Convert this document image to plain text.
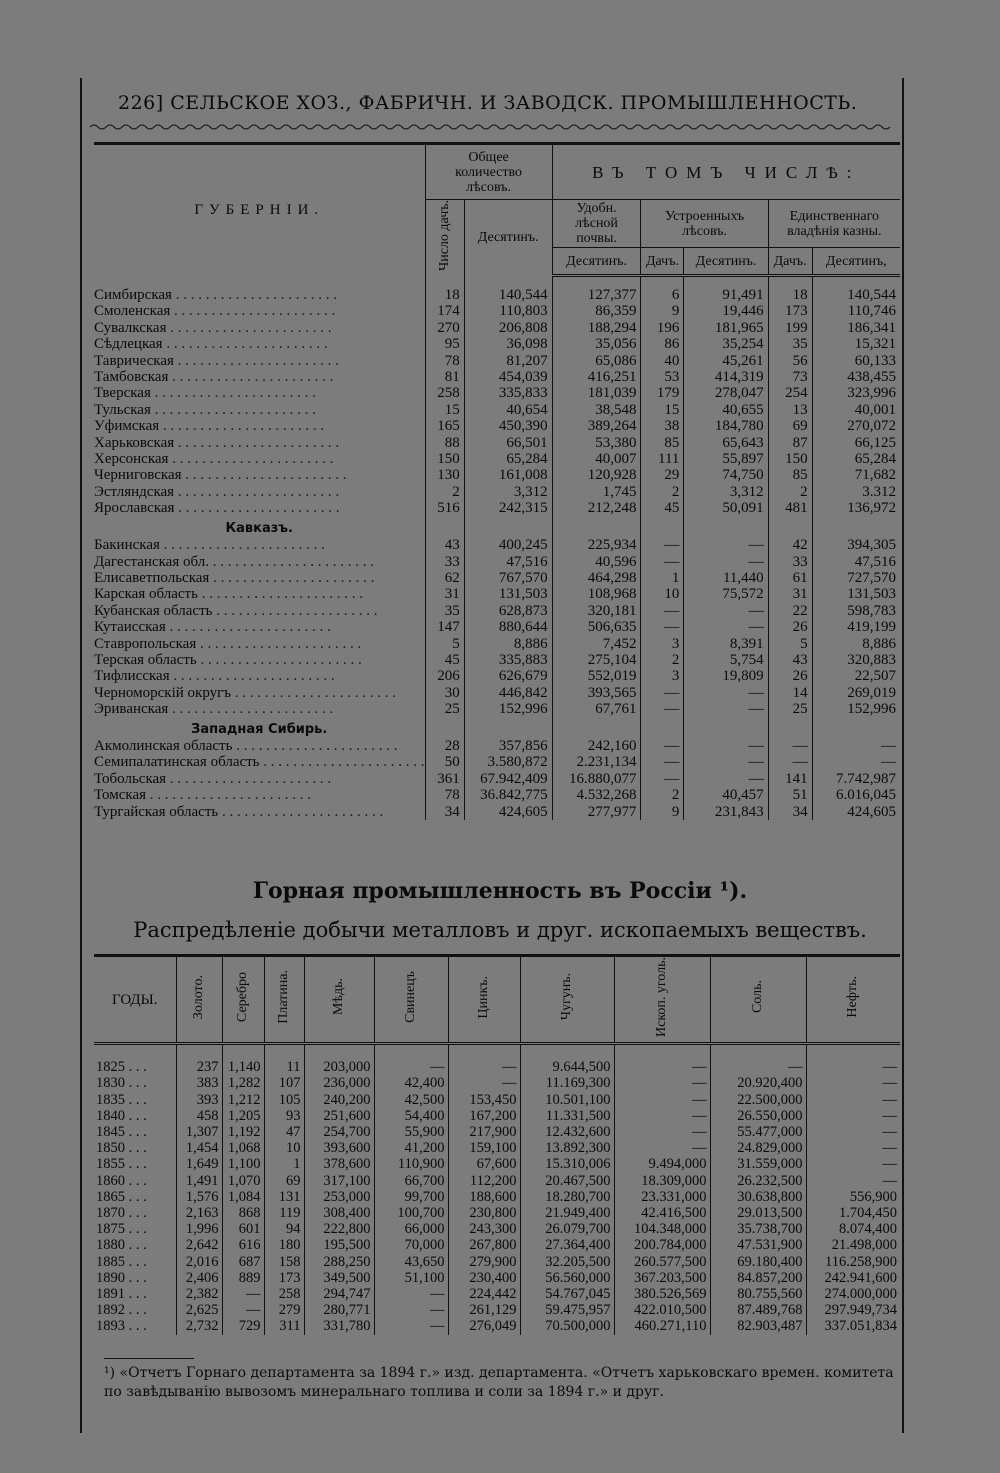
226] СЕЛЬСКОЕ ХОЗ., ФАБРИЧН. И ЗАВОДСК. ПРОМЫШЛЕННОСТЬ.
ГУБЕРНIИ.	Общее количество лѣсовъ.		ВЪ ТОМЪ ЧИСЛѢ:				
	Число дачъ.	Десятинъ.	Удобн. лѣсной почвы.	Устроенныхъ лѣсовъ.		Единственнаго владѣнія казны.	
			Десятинъ.	Дачъ.	Десятинъ.	Дачъ.	Десятинъ,

Симбирская . . . . . . . . . . . . . . . . . . . . . .	18	140,544	127,377	6	91,491	18	140,544
Смоленская . . . . . . . . . . . . . . . . . . . . . .	174	110,803	86,359	9	19,446	173	110,746
Сувалкская . . . . . . . . . . . . . . . . . . . . . .	270	206,808	188,294	196	181,965	199	186,341
Сѣдлецкая . . . . . . . . . . . . . . . . . . . . . .	95	36,098	35,056	86	35,254	35	15,321
Таврическая . . . . . . . . . . . . . . . . . . . . . .	78	81,207	65,086	40	45,261	56	60,133
Тамбовская . . . . . . . . . . . . . . . . . . . . . .	81	454,039	416,251	53	414,319	73	438,455
Тверская . . . . . . . . . . . . . . . . . . . . . .	258	335,833	181,039	179	278,047	254	323,996
Тульская . . . . . . . . . . . . . . . . . . . . . .	15	40,654	38,548	15	40,655	13	40,001
Уфимская . . . . . . . . . . . . . . . . . . . . . .	165	450,390	389,264	38	184,780	69	270,072
Харьковская . . . . . . . . . . . . . . . . . . . . . .	88	66,501	53,380	85	65,643	87	66,125
Херсонская . . . . . . . . . . . . . . . . . . . . . .	150	65,284	40,007	111	55,897	150	65,284
Черниговская . . . . . . . . . . . . . . . . . . . . . .	130	161,008	120,928	29	74,750	85	71,682
Эстляндская . . . . . . . . . . . . . . . . . . . . . .	2	3,312	1,745	2	3,312	2	3.312
Ярославская . . . . . . . . . . . . . . . . . . . . . .	516	242,315	212,248	45	50,091	481	136,972
Кавказъ.							
Бакинская . . . . . . . . . . . . . . . . . . . . . .	43	400,245	225,934	—	—	42	394,305
Дагестанская обл. . . . . . . . . . . . . . . . . . . . . . .	33	47,516	40,596	—	—	33	47,516
Елисаветпольская . . . . . . . . . . . . . . . . . . . . . .	62	767,570	464,298	1	11,440	61	727,570
Карская область . . . . . . . . . . . . . . . . . . . . . .	31	131,503	108,968	10	75,572	31	131,503
Кубанская область . . . . . . . . . . . . . . . . . . . . . .	35	628,873	320,181	—	—	22	598,783
Кутаисская . . . . . . . . . . . . . . . . . . . . . .	147	880,644	506,635	—	—	26	419,199
Ставропольская . . . . . . . . . . . . . . . . . . . . . .	5	8,886	7,452	3	8,391	5	8,886
Терская область . . . . . . . . . . . . . . . . . . . . . .	45	335,883	275,104	2	5,754	43	320,883
Тифлисская . . . . . . . . . . . . . . . . . . . . . .	206	626,679	552,019	3	19,809	26	22,507
Черноморскiй округъ . . . . . . . . . . . . . . . . . . . . . .	30	446,842	393,565	—	—	14	269,019
Эриванская . . . . . . . . . . . . . . . . . . . . . .	25	152,996	67,761	—	—	25	152,996
Западная Сибирь.							
Акмолинская область . . . . . . . . . . . . . . . . . . . . . .	28	357,856	242,160	—	—	—	—
Семипалатинская область . . . . . . . . . . . . . . . . . . . . . .	50	3.580,872	2.231,134	—	—	—	—
Тобольская . . . . . . . . . . . . . . . . . . . . . .	361	67.942,409	16.880,077	—	—	141	7.742,987
Томская . . . . . . . . . . . . . . . . . . . . . .	78	36.842,775	4.532,268	2	40,457	51	6.016,045
Тургайская область . . . . . . . . . . . . . . . . . . . . . .	34	424,605	277,977	9	231,843	34	424,605
Горная промышленность въ Россiи ¹).
Распредѣленiе добычи металловъ и друг. ископаемыхъ веществъ.
ГОДЫ.	Золото.	Серебро	Платина.	Мѣдь.	Свинецъ	Цинкъ.	Чугунъ.	Ископ. уголь.	Соль.	Нефть.

1825 . . .	237	1,140	11	203,000	—	—	9.644,500	—	—	—
1830 . . .	383	1,282	107	236,000	42,400	—	11.169,300	—	20.920,400	—
1835 . . .	393	1,212	105	240,200	42,500	153,450	10.501,100	—	22.500,000	—
1840 . . .	458	1,205	93	251,600	54,400	167,200	11.331,500	—	26.550,000	—
1845 . . .	1,307	1,192	47	254,700	55,900	217,900	12.432,600	—	55.477,000	—
1850 . . .	1,454	1,068	10	393,600	41,200	159,100	13.892,300	—	24.829,000	—
1855 . . .	1,649	1,100	1	378,600	110,900	67,600	15.310,006	9.494,000	31.559,000	—
1860 . . .	1,491	1,070	69	317,100	66,700	112,200	20.467,500	18.309,000	26.232,500	—
1865 . . .	1,576	1,084	131	253,000	99,700	188,600	18.280,700	23.331,000	30.638,800	556,900
1870 . . .	2,163	868	119	308,400	100,700	230,800	21.949,400	42.416,500	29.013,500	1.704,450
1875 . . .	1,996	601	94	222,800	66,000	243,300	26.079,700	104.348,000	35.738,700	8.074,400
1880 . . .	2,642	616	180	195,500	70,000	267,800	27.364,400	200.784,000	47.531,900	21.498,000
1885 . . .	2,016	687	158	288,250	43,650	279,900	32.205,500	260.577,500	69.180,400	116.258,900
1890 . . .	2,406	889	173	349,500	51,100	230,400	56.560,000	367.203,500	84.857,200	242.941,600
1891 . . .	2,382	—	258	294,747	—	224,442	54.767,045	380.526,569	80.755,560	274.000,000
1892 . . .	2,625	—	279	280,771	—	261,129	59.475,957	422.010,500	87.489,768	297.949,734
1893 . . .	2,732	729	311	331,780	—	276,049	70.500,000	460.271,110	82.903,487	337.051,834
¹) «Отчетъ Горнаго департамента за 1894 г.» изд. департамента. «Отчетъ харьковскаго времен. комитета по завѣдыванiю вывозомъ минеральнаго топлива и соли за 1894 г.» и друг.
